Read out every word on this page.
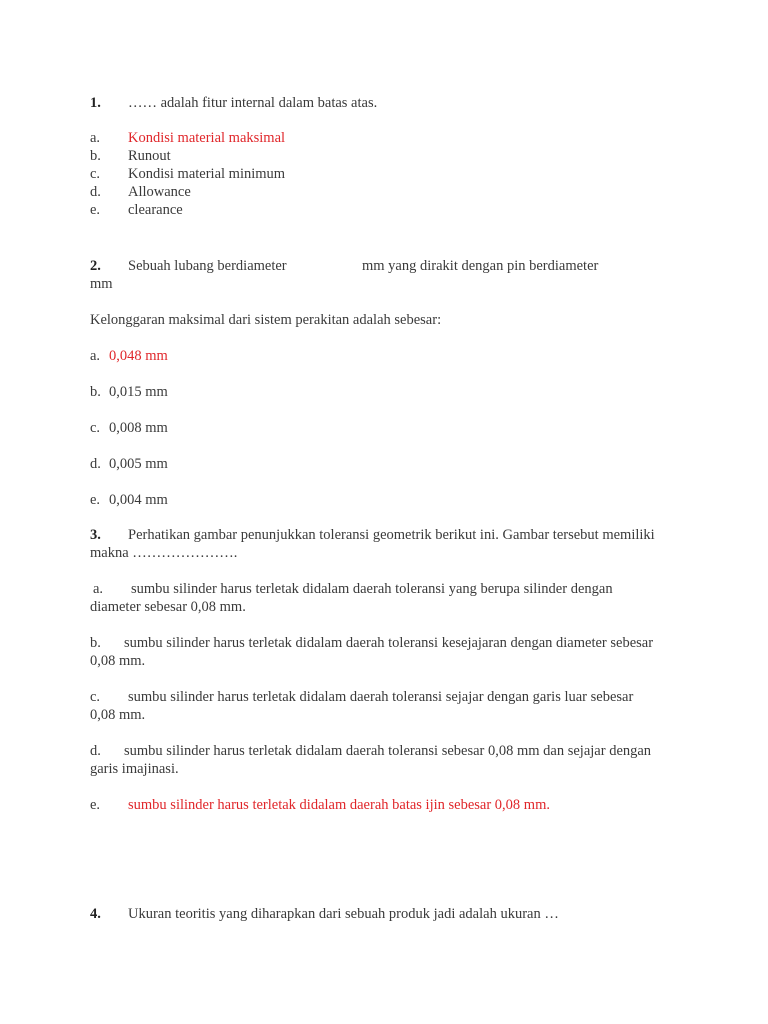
1. …… adalah fitur internal dalam batas atas.
a. Kondisi material maksimal
b. Runout
c. Kondisi material minimum
d. Allowance
e. clearance
2. Sebuah lubang berdiameter	mm yang dirakit dengan pin berdiameter
mm
Kelonggaran maksimal dari sistem perakitan adalah sebesar:
a. 0,048 mm
b. 0,015 mm
c. 0,008 mm
d. 0,005 mm
e. 0,004 mm
3. Perhatikan gambar penunjukkan toleransi geometrik berikut ini. Gambar tersebut memiliki
makna ………………….
a. sumbu silinder harus terletak didalam daerah toleransi yang berupa silinder dengan
diameter sebesar 0,08 mm.
b. sumbu silinder harus terletak didalam daerah toleransi kesejajaran dengan diameter sebesar
0,08 mm.
c. sumbu silinder harus terletak didalam daerah toleransi sejajar dengan garis luar sebesar
0,08 mm.
d. sumbu silinder harus terletak didalam daerah toleransi sebesar 0,08 mm dan sejajar dengan
garis imajinasi.
e. sumbu silinder harus terletak didalam daerah batas ijin sebesar 0,08 mm.
4. Ukuran teoritis yang diharapkan dari sebuah produk jadi adalah ukuran …
